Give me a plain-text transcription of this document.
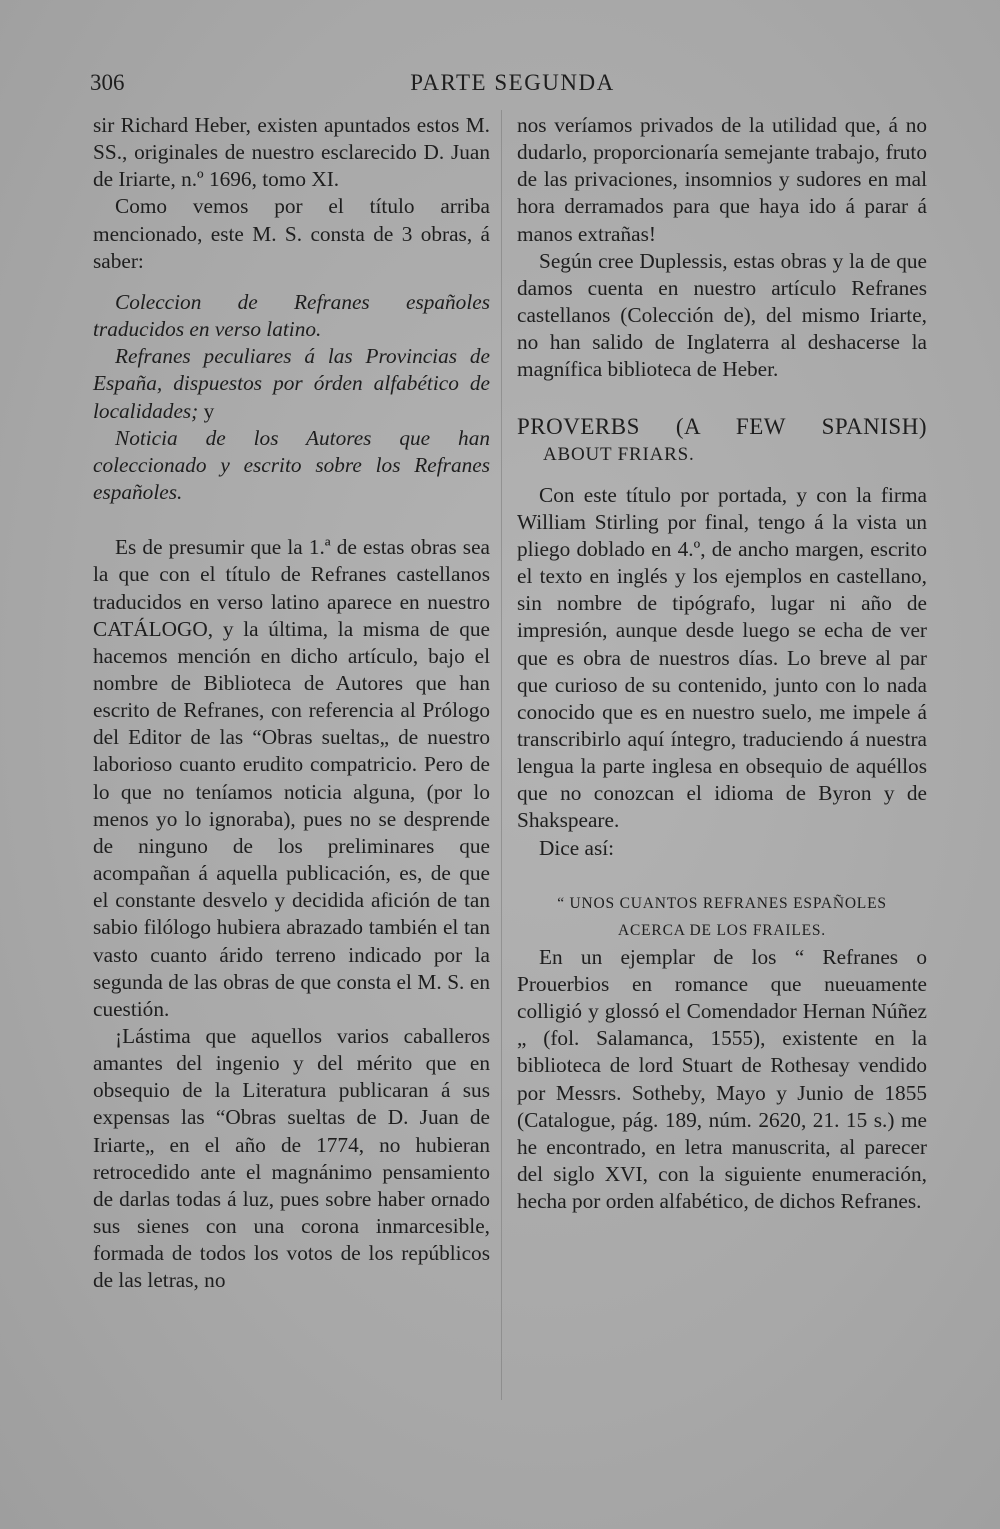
306	PARTE SEGUNDA

sir Richard Heber, existen apuntados estos M. SS., originales de nuestro esclarecido D. Juan de Iriarte, n.º 1696, tomo XI.

Como vemos por el título arriba mencionado, este M. S. consta de 3 obras, á saber:

Coleccion de Refranes españoles traducidos en verso latino.

Refranes peculiares á las Provincias de España, dispuestos por órden alfabético de localidades; y

Noticia de los Autores que han coleccionado y escrito sobre los Refranes españoles.

Es de presumir que la 1.ª de estas obras sea la que con el título de Refranes castellanos traducidos en verso latino aparece en nuestro CATÁLOGO, y la última, la misma de que hacemos mención en dicho artículo, bajo el nombre de Biblioteca de Autores que han escrito de Refranes, con referencia al Prólogo del Editor de las “Obras sueltas„ de nuestro laborioso cuanto erudito compatricio. Pero de lo que no teníamos noticia alguna, (por lo menos yo lo ignoraba), pues no se desprende de ninguno de los preliminares que acompañan á aquella publicación, es, de que el constante desvelo y decidida afición de tan sabio filólogo hubiera abrazado también el tan vasto cuanto árido terreno indicado por la segunda de las obras de que consta el M. S. en cuestión.

¡Lástima que aquellos varios caballeros amantes del ingenio y del mérito que en obsequio de la Literatura publicaran á sus expensas las “Obras sueltas de D. Juan de Iriarte„ en el año de 1774, no hubieran retrocedido ante el magnánimo pensamiento de darlas todas á luz, pues sobre haber ornado sus sienes con una corona inmarcesible, formada de todos los votos de los repúblicos de las letras, no

nos veríamos privados de la utilidad que, á no dudarlo, proporcionaría semejante trabajo, fruto de las privaciones, insomnios y sudores en mal hora derramados para que haya ido á parar á manos extrañas!

Según cree Duplessis, estas obras y la de que damos cuenta en nuestro artículo Refranes castellanos (Colección de), del mismo Iriarte, no han salido de Inglaterra al deshacerse la magnífica biblioteca de Heber.

PROVERBS (A FEW SPANISH)
ABOUT FRIARS.

Con este título por portada, y con la firma William Stirling por final, tengo á la vista un pliego doblado en 4.º, de ancho margen, escrito el texto en inglés y los ejemplos en castellano, sin nombre de tipógrafo, lugar ni año de impresión, aunque desde luego se echa de ver que es obra de nuestros días. Lo breve al par que curioso de su contenido, junto con lo nada conocido que es en nuestro suelo, me impele á transcribirlo aquí íntegro, traduciendo á nuestra lengua la parte inglesa en obsequio de aquéllos que no conozcan el idioma de Byron y de Shakspeare.

Dice así:

“ UNOS CUANTOS REFRANES ESPAÑOLES
ACERCA DE LOS FRAILES.

En un ejemplar de los “ Refranes o Prouerbios en romance que nueuamente colligió y glossó el Comendador Hernan Núñez „ (fol. Salamanca, 1555), existente en la biblioteca de lord Stuart de Rothesay vendido por Messrs. Sotheby, Mayo y Junio de 1855 (Catalogue, pág. 189, núm. 2620, 21. 15 s.) me he encontrado, en letra manuscrita, al parecer del siglo XVI, con la siguiente enumeración, hecha por orden alfabético, de dichos Refranes.
